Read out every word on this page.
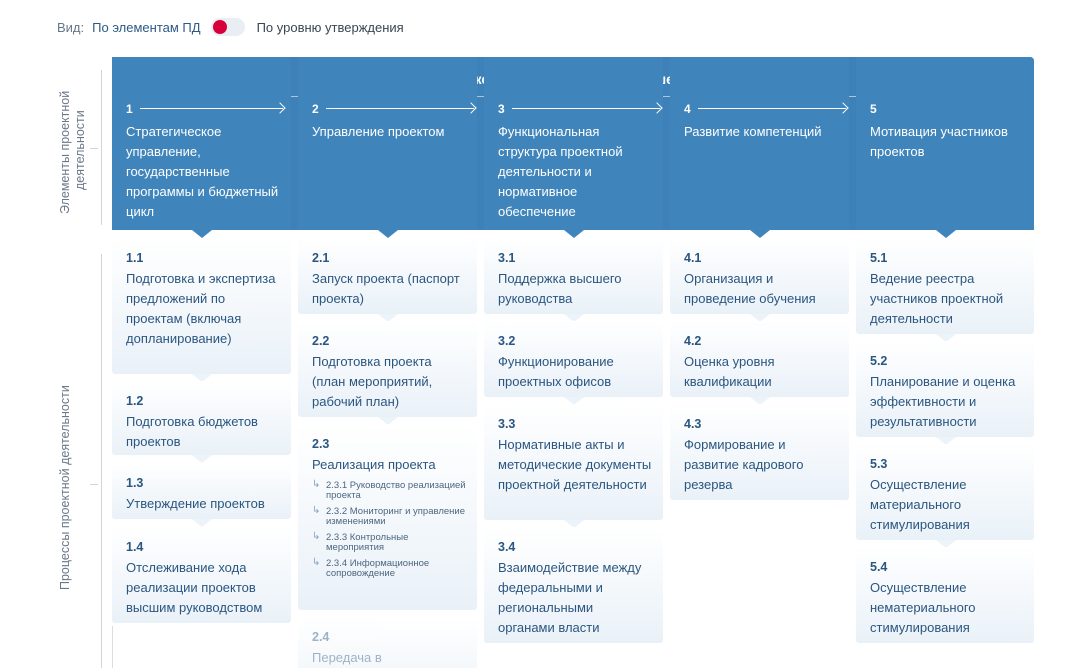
Вид: По элементам ПД	По уровню утверждения
Элементы проектной деятельности
Процессы проектной деятельности
решения
1
Стратегическое управление, государственные программы и бюджетный цикл
2
Управление проектом
3
Функциональная структура проектной деятельности и нормативное обеспечение
4
Развитие компетенций
5
Мотивация участников проектов
1.1
Подготовка и экспертиза предложений по проектам (включая допланирование)
1.2
Подготовка бюджетов проектов
1.3
Утверждение проектов
1.4
Отслеживание хода реализации проектов высшим руководством
2.1
Запуск проекта (паспорт проекта)
2.2
Подготовка проекта (план мероприятий, рабочий план)
2.3
Реализация проекта
↳ 2.3.1 Руководство реализацией проекта
↳ 2.3.2 Мониторинг и управление изменениями
↳ 2.3.3 Контрольные мероприятия
↳ 2.3.4 Информационное сопровождение
2.4
Передача в
3.1
Поддержка высшего руководства
3.2
Функционирование проектных офисов
3.3
Нормативные акты и методические документы проектной деятельности
3.4
Взаимодействие между федеральными и региональными органами власти
4.1
Организация и проведение обучения
4.2
Оценка уровня квалификации
4.3
Формирование и развитие кадрового резерва
5.1
Ведение реестра участников проектной деятельности
5.2
Планирование и оценка эффективности и результативности
5.3
Осуществление материального стимулирования
5.4
Осуществление нематериального стимулирования
